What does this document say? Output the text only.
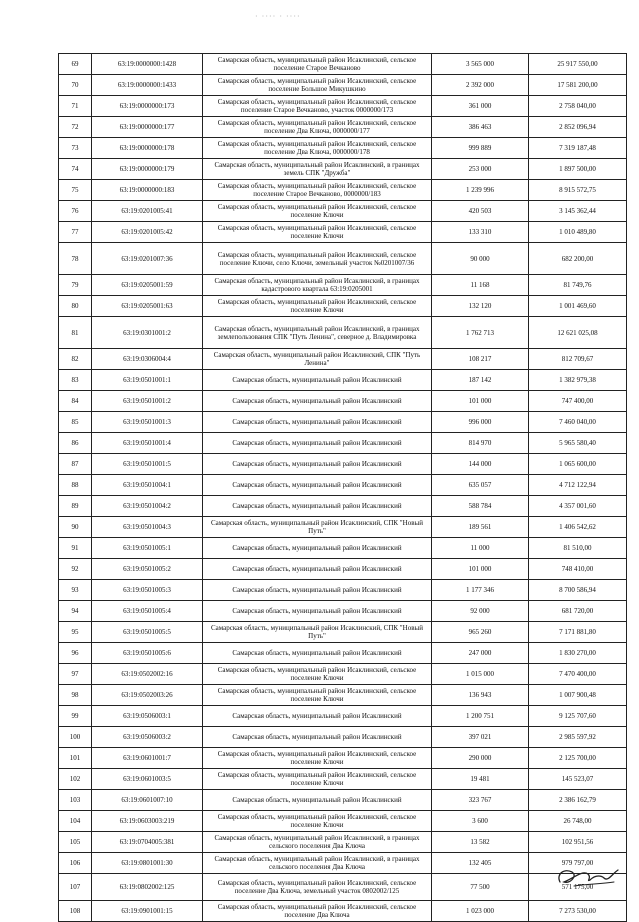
· ···· · ····
69	63:19:0000000:1428	Самарская область, муниципальный район Исаклинский, сельское поселение Старое Вечканово	3 565 000	25 917 550,00
70	63:19:0000000:1433	Самарская область, муниципальный район Исаклинский, сельское поселение Большое Микушкино	2 392 000	17 581 200,00
71	63:19:0000000:173	Самарская область, муниципальный район Исаклинский, сельское поселение Старое Вечканово, участок 0000000/173	361 000	2 758 040,00
72	63:19:0000000:177	Самарская область, муниципальный район Исаклинский, сельское поселение Два Ключа, 0000000/177	386 463	2 852 096,94
73	63:19:0000000:178	Самарская область, муниципальный район Исаклинский, сельское поселение Два Ключа, 0000000/178	999 889	7 319 187,48
74	63:19:0000000:179	Самарская область, муниципальный район Исаклинский, в границах земель СПК "Дружба"	253 000	1 897 500,00
75	63:19:0000000:183	Самарская область, муниципальный район Исаклинский, сельское поселение Старое Вечканово, 0000000/183	1 239 996	8 915 572,75
76	63:19:0201005:41	Самарская область, муниципальный район Исаклинский, сельское поселение Ключи	420 503	3 145 362,44
77	63:19:0201005:42	Самарская область, муниципальный район Исаклинский, сельское поселение Ключи	133 310	1 010 489,80
78	63:19:0201007:36	Самарская область, муниципальный район Исаклинский, сельское поселение Ключи, село Ключи, земельный участок №0201007/36	90 000	682 200,00
79	63:19:0205001:59	Самарская область, муниципальный район Исаклинский, в границах кадастрового квартала 63:19:0205001	11 168	81 749,76
80	63:19:0205001:63	Самарская область, муниципальный район Исаклинский, сельское поселение Ключи	132 120	1 001 469,60
81	63:19:0301001:2	Самарская область, муниципальный район Исаклинский, в границах землепользования СПК "Путь Ленина", северное д. Владимировка	1 762 713	12 621 025,08
82	63:19:0306004:4	Самарская область, муниципальный район Исаклинский, СПК "Путь Ленина"	108 217	812 709,67
83	63:19:0501001:1	Самарская область, муниципальный район Исаклинский	187 142	1 382 979,38
84	63:19:0501001:2	Самарская область, муниципальный район Исаклинский	101 000	747 400,00
85	63:19:0501001:3	Самарская область, муниципальный район Исаклинский	996 000	7 460 040,00
86	63:19:0501001:4	Самарская область, муниципальный район Исаклинский	814 970	5 965 580,40
87	63:19:0501001:5	Самарская область, муниципальный район Исаклинский	144 000	1 065 600,00
88	63:19:0501004:1	Самарская область, муниципальный район Исаклинский	635 057	4 712 122,94
89	63:19:0501004:2	Самарская область, муниципальный район Исаклинский	588 784	4 357 001,60
90	63:19:0501004:3	Самарская область, муниципальный район Исаклинский, СПК "Новый Путь"	189 561	1 406 542,62
91	63:19:0501005:1	Самарская область, муниципальный район Исаклинский	11 000	81 510,00
92	63:19:0501005:2	Самарская область, муниципальный район Исаклинский	101 000	748 410,00
93	63:19:0501005:3	Самарская область, муниципальный район Исаклинский	1 177 346	8 700 586,94
94	63:19:0501005:4	Самарская область, муниципальный район Исаклинский	92 000	681 720,00
95	63:19:0501005:5	Самарская область, муниципальный район Исаклинский, СПК "Новый Путь"	965 260	7 171 881,80
96	63:19:0501005:6	Самарская область, муниципальный район Исаклинский	247 000	1 830 270,00
97	63:19:0502002:16	Самарская область, муниципальный район Исаклинский, сельское поселение Ключи	1 015 000	7 470 400,00
98	63:19:0502003:26	Самарская область, муниципальный район Исаклинский, сельское поселение Ключи	136 943	1 007 900,48
99	63:19:0506003:1	Самарская область, муниципальный район Исаклинский	1 200 751	9 125 707,60
100	63:19:0506003:2	Самарская область, муниципальный район Исаклинский	397 021	2 985 597,92
101	63:19:0601001:7	Самарская область, муниципальный район Исаклинский, сельское поселение Ключи	290 000	2 125 700,00
102	63:19:0601003:5	Самарская область, муниципальный район Исаклинский, сельское поселение Ключи	19 481	145 523,07
103	63:19:0601007:10	Самарская область, муниципальный район Исаклинский	323 767	2 386 162,79
104	63:19:0603003:219	Самарская область, муниципальный район Исаклинский, сельское поселение Ключи	3 600	26 748,00
105	63:19:0704005:381	Самарская область, муниципальный район Исаклинский, в границах сельского поселения Два Ключа	13 582	102 951,56
106	63:19:0801001:30	Самарская область, муниципальный район Исаклинский, в границах сельского поселения Два Ключа	132 405	979 797,00
107	63:19:0802002:125	Самарская область, муниципальный район Исаклинский, сельское поселение Два Ключа, земельный участок 0802002/125	77 500	571 175,00
108	63:19:0901001:15	Самарская область, муниципальный район Исаклинский, сельское поселение Два Ключа	1 023 000	7 273 530,00
